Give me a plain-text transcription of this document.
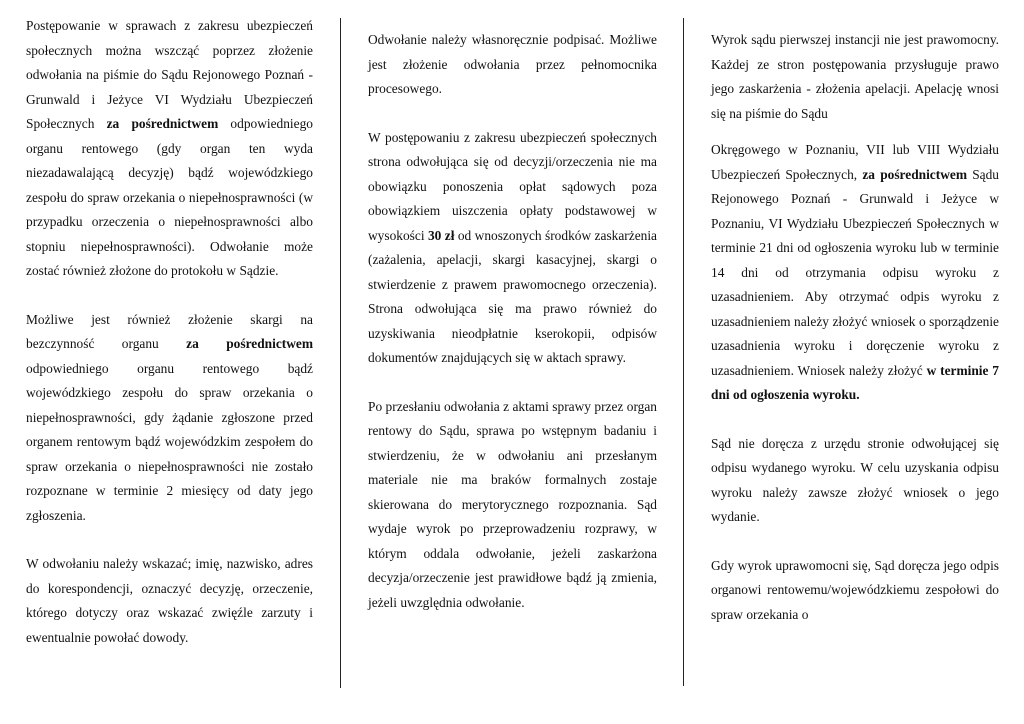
Postępowanie w sprawach z zakresu ubezpieczeń społecznych można wszcząć poprzez złożenie odwołania na piśmie do Sądu Rejonowego Poznań - Grunwald i Jeżyce VI Wydziału Ubezpieczeń Społecznych za pośrednictwem odpowiedniego organu rentowego (gdy organ ten wyda niezadawalającą decyzję) bądź wojewódzkiego zespołu do spraw orzekania o niepełnosprawności (w przypadku orzeczenia o niepełnosprawności albo stopniu niepełnosprawności). Odwołanie może zostać również złożone do protokołu w Sądzie.

Możliwe jest również złożenie skargi na bezczynność organu za pośrednictwem odpowiedniego organu rentowego bądź wojewódzkiego zespołu do spraw orzekania o niepełnosprawności, gdy żądanie zgłoszone przed organem rentowym bądź wojewódzkim zespołem do spraw orzekania o niepełnosprawności nie zostało rozpoznane w terminie 2 miesięcy od daty jego zgłoszenia.

W odwołaniu należy wskazać; imię, nazwisko, adres do korespondencji, oznaczyć decyzję, orzeczenie, którego dotyczy oraz wskazać zwięźle zarzuty i ewentualnie powołać dowody.

Odwołanie należy własnoręcznie podpisać. Możliwe jest złożenie odwołania przez pełnomocnika procesowego.

W postępowaniu z zakresu ubezpieczeń społecznych strona odwołująca się od decyzji/orzeczenia nie ma obowiązku ponoszenia opłat sądowych poza obowiązkiem uiszczenia opłaty podstawowej w wysokości 30 zł od wnoszonych środków zaskarżenia (zażalenia, apelacji, skargi kasacyjnej, skargi o stwierdzenie z prawem prawomocnego orzeczenia). Strona odwołująca się ma prawo również do uzyskiwania nieodpłatnie kserokopii, odpisów dokumentów znajdujących się w aktach sprawy.

Po przesłaniu odwołania z aktami sprawy przez organ rentowy do Sądu, sprawa po wstępnym badaniu i stwierdzeniu, że w odwołaniu ani przesłanym materiale nie ma braków formalnych zostaje skierowana do merytorycznego rozpoznania. Sąd wydaje wyrok po przeprowadzeniu rozprawy, w którym oddala odwołanie, jeżeli zaskarżona decyzja/orzeczenie jest prawidłowe bądź ją zmienia, jeżeli uwzględnia odwołanie.

Wyrok sądu pierwszej instancji nie jest prawomocny. Każdej ze stron postępowania przysługuje prawo jego zaskarżenia - złożenia apelacji. Apelację wnosi się na piśmie do Sądu

Okręgowego w Poznaniu, VII lub VIII Wydziału Ubezpieczeń Społecznych, za pośrednictwem Sądu Rejonowego Poznań - Grunwald i Jeżyce w Poznaniu, VI Wydziału Ubezpieczeń Społecznych w terminie 21 dni od ogłoszenia wyroku lub w terminie 14 dni od otrzymania odpisu wyroku z uzasadnieniem. Aby otrzymać odpis wyroku z uzasadnieniem należy złożyć wniosek o sporządzenie uzasadnienia wyroku i doręczenie wyroku z uzasadnieniem. Wniosek należy złożyć w terminie 7 dni od ogłoszenia wyroku.

Sąd nie doręcza z urzędu stronie odwołującej się odpisu wydanego wyroku. W celu uzyskania odpisu wyroku należy zawsze złożyć wniosek o jego wydanie.

Gdy wyrok uprawomocni się, Sąd doręcza jego odpis organowi rentowemu/wojewódzkiemu zespołowi do spraw orzekania o
